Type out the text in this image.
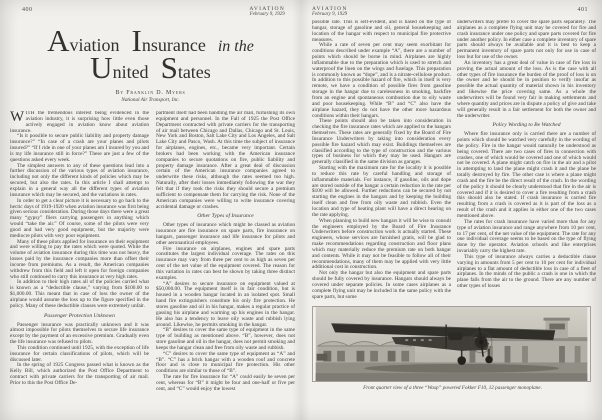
400	AVIATION
February 9, 1929
Aviation Insurance in the
United States
By Franklin D. Myers
National Air Transport, Inc.

WITH the tremendous interest being evidenced in the aviation industry, it is surprising how little even those actively engaged in aviation know about aviation insurance.

“Is it possible to secure public liability and property damage insurance?” “In case of a crash are your planes and pilots insured?” “If I ride in one of your planes am I insured by you and is my life insurance still in force?” These are just a few of the questions asked every week.

The simplest answers to any of these questions lead into a further discussion of the various types of aviation insurance, including not only the different kinds of policies which may be secured, but also the rates. In this article I shall attempt to explain in a general way all the different types of aviation insurance which may be secured, and the variations in rates.

In order to get a clear picture it is necessary to go back to the hectic days of 1919-1920 when aviation insurance was first being given serious consideration. During those days there were a great many “gypsy” fliers carrying passengers in anything which would “take the air.” Of course, some of the pilots were very good and had very good equipment, but the majority were mediocre pilots with very poor equipment.

Many of these pilots applied for insurance on their equipment and were willing to pay the rates which were quoted. While the volume of aviation insurance during this time was not heavy, the losses paid by the insurance companies more than offset their income from premiums. As a result, the American companies withdrew from this field and left it open for foreign companies who still continued to carry this insurance at very high rates.

In addition to their high rates all of the policies carried what is known as a “deductible clause,” varying from $100.00 to $1,000.00. This meant that in case of loss the owner of the airplane would assume the loss up to the figure specified in the policy. Many of these deductible clauses were extremely unfair.

Passenger Protection Unknown

Passenger insurance was practically unknown and it was almost impossible for pilots themselves to secure life insurance except by the payment of an excessive premium. Gradually even the life insurance was refused to pilots.

This condition continued until 1925, with the exception of life insurance for certain classifications of pilots, which will be discussed later.

In the spring of 1925 Congress passed what is known as the Kelly Bill, which authorized the Post Office Department to contract with private carriers for the transporting of air mail. Prior to this the Post Office De-

partment itself had been handling the air mail, furnishing its own equipment and personnel. In the Fall of 1925 the Post Office Department contracted with private carriers for the transporting of air mail between Chicago and Dallas, Chicago and St. Louis, New York and Boston, Salt Lake City and Los Angeles, and Salt Lake City and Pasco, Wash. At this time the subject of insurance for airplanes, engines, etc., became very important. Certain brokers had been working with the American insurance companies to secure quotations on fire, public liability and property damage insurance. After a great deal of discussion certain of the American insurance companies agreed to underwrite these risks, although the rates seemed too high. Naturally, after their losses immediately following the war they felt that if they took the risks they should secure a premium sufficient to compensate them for carrying the risk. None of the American companies were willing to write insurance covering accidental damage or crashes.

Other Types of Insurance

Other types of insurance which might be classed as aviation insurance are fire insurance on spare parts, fire insurance on hangars, passenger insurance and life insurance for pilots and other aeronautical employees.

Fire insurance on airplanes, engines and spare parts constitutes the largest individual coverage. The rates on this insurance may vary from three per cent to as high as seven per cent of the net value of the equipment covered. The reason for this variation in rates can best be shown by taking three distinct examples.

“A” desires to secure insurance on equipment valued at $50,000.00. The equipment itself is in fair condition, but is housed in a wooden hangar located in an isolated spot. Small hand fire extinguishers constitute his only fire protection. He stores gasoline and oil in his hangar, makes a regular practice of gassing his airplane and warming up his engines in the hangar. He also has a tendency to leave oily waste and rubbish lying around. Likewise, he permits smoking in the hangar.

“B” desires to cover the same type of equipment in the same type of building as mentioned above. “B”, however, does not store gasoline and oil in the hangar, does not permit smoking and keeps the hangar clean and free from oily waste and rubbish.

“C” desires to cover the same type of equipment as “A” and “B”. “C” has a brick hangar with a wooden roof and concrete floor and is close to municipal fire protection. His other conditions are similar to those of “B”.

The rate for fire insurance for “A” could easily be seven per cent, whereas for “B” it might be four and one-half or five per cent, and “C” would enjoy the lowest

AVIATION
February 9, 1929
401

possible rate. This is self-evident, and is based on the type of hangar, storage of gasoline and oil, general housekeeping and location of the hangar with respect to municipal fire protective measures.

While a rate of seven per cent may seem exorbitant for conditions described under example “A”, there are a number of points which should be borne in mind. Airplanes are highly inflammable due to the preparation which is used to stretch and waterproof the linen on the wings and fuselage. This preparation is commonly known as “dope”, and is a nitrate-cellulose product. In addition to this possible hazard of fire, which in itself is very remote, we have a condition of possible fires from gasoline storage in the hangar due to carelessness in smoking, backfire from an engine and spontaneous combustion due to oily waste and poor housekeeping. While “B” and “C” also have the airplane hazard, they do not have the other more hazardous conditions within their hangars.

These points should also be taken into consideration in checking the fire insurance rates which are applied to the hangars themselves. These rates are generally fixed by the Board of Fire Insurance Underwriters by taking into consideration every possible fire hazard which may exist. Buildings themselves are classified according to the type of construction and the various types of business for which they may be used. Hangars are generally classified in the same division as garages.

Starting with the maximum rate for the locality it is possible to reduce this rate by careful handling and storage of inflammable materials. For instance, if gasoline, oils and dope are stored outside of the hangar a certain reduction in the rate per $100 will be allowed. Further reductions can be secured by not starting the engines in the hangars and by keeping the building itself clean and free from oily waste and rubbish. Even the location and type of heating plant will have a direct bearing on the rate applying.

When planning to build new hangars it will be wise to consult the engineers employed by the Board of Fire Insurance Underwriters before construction work is actually started. These engineers, whose services are furnished gratis, will be glad to make recommendations regarding construction and floor plans which may materially reduce the premium rate on both hangar and contents. While it may not be feasible to follow all of their recommendations, many of them may be applied with very little additional cost in construction.

Not only the hangar but also the equipment and spare parts should be fully covered by insurance. Hangars should always be covered under separate policies. In some cases airplanes as a complete flying unit may be included in the same policy with the spare parts, but some

underwriters may prefer to cover the spare parts separately. The airplanes as a complete flying unit may be covered for fire and crash insurance under one policy and spare parts covered for fire under another policy. In either case a complete inventory of spare parts should always be available and it is best to keep a permanent inventory of spare parts not only for use in case of loss but for use of the owner.

An inventory has a great deal of value in case of fire loss in proving the actual amount of the loss. As is the case with all other types of fire insurance the burden of the proof of loss is on the owner and he should be in position to verify insofar as possible the actual quantity of material shown in his inventory and likewise the price covering same. As a whole the underwriters will be found very fair in making settlements and where quantity and prices are in dispute a policy of give and take will generally result in a fair settlement for both the owner and the underwriter.

Policy Wording to Be Watched

Where fire insurance only is carried there are a number of points which should be watched very carefully in the wording of the policy. Fire in the hangar would naturally be understood as being covered. There are two cases of fires in connection with crashes, one of which would be covered and one of which would not be covered. A plane might catch on fire in the air and a pilot in attempting to land the plane might crash it and the plane be totally destroyed by fire. The other case is where a plane might crash and the fire be the direct result of the crash. In the wording of the policy it should be clearly understood that fire in the air is covered and if it is desired to cover a fire resulting from a crash this should also be stated. If crash insurance is carried fire resulting from a crash is covered as it is part of the loss as a result of the crash and it applies in either one of the two cases mentioned above.

The rates for crash insurance have varied more than for any type of aviation insurance and range anywhere from 10 per cent, to 17 per cent, of the net value of the equipment. The rate for any one individual coverage seems to be based on the type of flying done by the operator. Aviation schools and like enterprises invariably carry the highest rate.

This type of insurance always carries a deductible clause varying in amounts from 5 per cent to 10 per cent for individual airplanes to a flat amount of deductible loss in case of a fleet of airplanes. In the minds of the public a crash is one in which the plane falls from the air to the ground. There are any number of other types of losses

Front quarter view of a three “Wasp” powered Fokker F10, 12 passenger monoplane.
